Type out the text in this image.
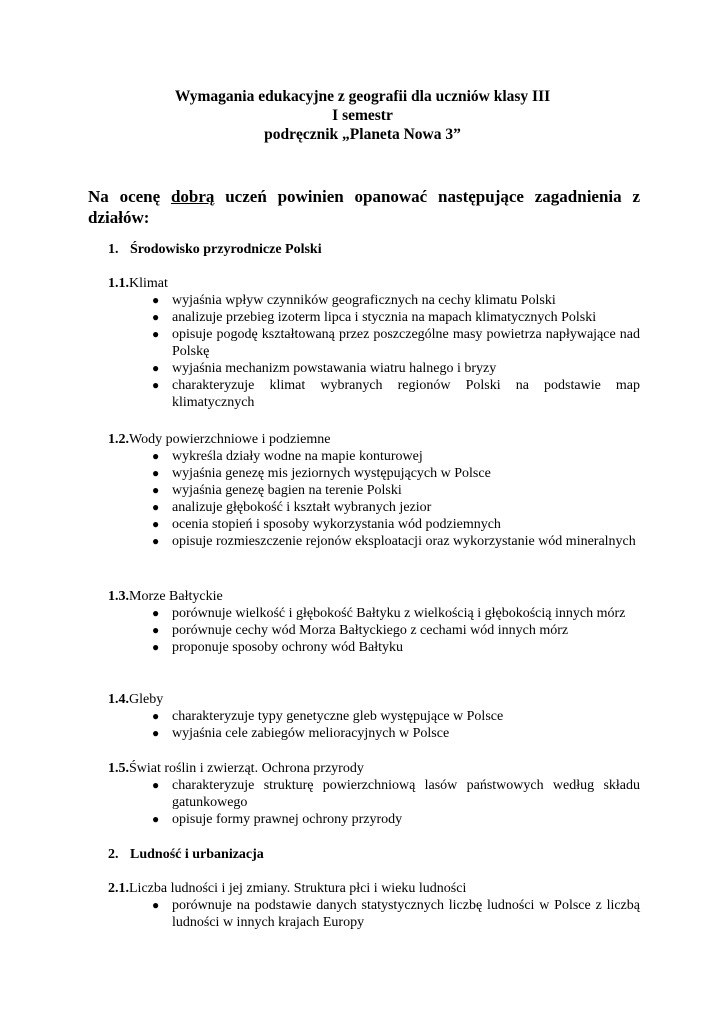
Wymagania edukacyjne z geografii dla uczniów klasy III
I semestr
podręcznik „Planeta Nowa 3”
Na ocenę dobrą uczeń powinien opanować następujące zagadnienia z działów:
1. Środowisko przyrodnicze Polski
1.1.Klimat
● wyjaśnia wpływ czynników geograficznych na cechy klimatu Polski
● analizuje przebieg izoterm lipca i stycznia na mapach klimatycznych Polski
● opisuje pogodę kształtowaną przez poszczególne masy powietrza napływające nad Polskę
● wyjaśnia mechanizm powstawania wiatru halnego i bryzy
● charakteryzuje klimat wybranych regionów Polski na podstawie map klimatycznych
1.2.Wody powierzchniowe i podziemne
● wykreśla działy wodne na mapie konturowej
● wyjaśnia genezę mis jeziornych występujących w Polsce
● wyjaśnia genezę bagien na terenie Polski
● analizuje głębokość i kształt wybranych jezior
● ocenia stopień i sposoby wykorzystania wód podziemnych
● opisuje rozmieszczenie rejonów eksploatacji oraz wykorzystanie wód mineralnych
1.3.Morze Bałtyckie
● porównuje wielkość i głębokość Bałtyku z wielkością i głębokością innych mórz
● porównuje cechy wód Morza Bałtyckiego z cechami wód innych mórz
● proponuje sposoby ochrony wód Bałtyku
1.4.Gleby
● charakteryzuje typy genetyczne gleb występujące w Polsce
● wyjaśnia cele zabiegów melioracyjnych w Polsce
1.5.Świat roślin i zwierząt. Ochrona przyrody
● charakteryzuje strukturę powierzchniową lasów państwowych według składu gatunkowego
● opisuje formy prawnej ochrony przyrody
2. Ludność i urbanizacja
2.1.Liczba ludności i jej zmiany. Struktura płci i wieku ludności
● porównuje na podstawie danych statystycznych liczbę ludności w Polsce z liczbą ludności w innych krajach Europy
